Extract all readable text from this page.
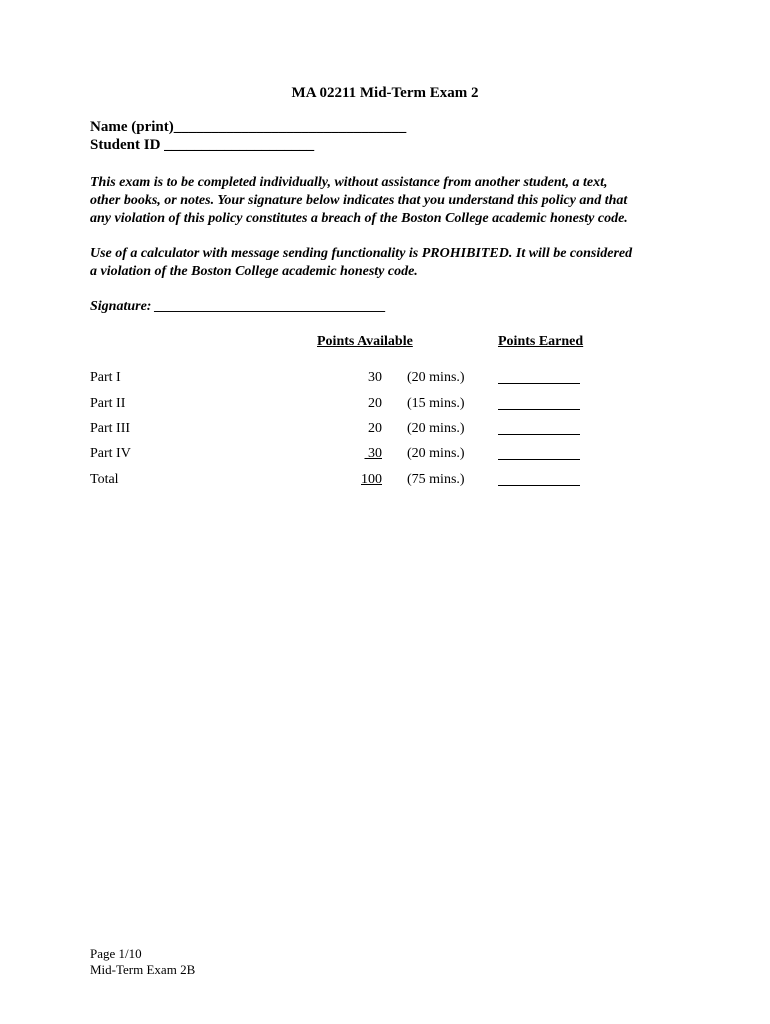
MA 02211 Mid-Term Exam 2
Name (print)_______________________________
Student ID ____________________
This exam is to be completed individually, without assistance from another student, a text,
other books, or notes. Your signature below indicates that you understand this policy and that
any violation of this policy constitutes a breach of the Boston College academic honesty code.
Use of a calculator with message sending functionality is PROHIBITED. It will be considered
a violation of the Boston College academic honesty code.
Signature: _________________________________
Points Available	Points Earned
Part I	30 (20 mins.)
Part II	20 (15 mins.)
Part III	20 (20 mins.)
Part IV	30 (20 mins.)
Total	100 (75 mins.)
Page 1/10
Mid-Term Exam 2B
